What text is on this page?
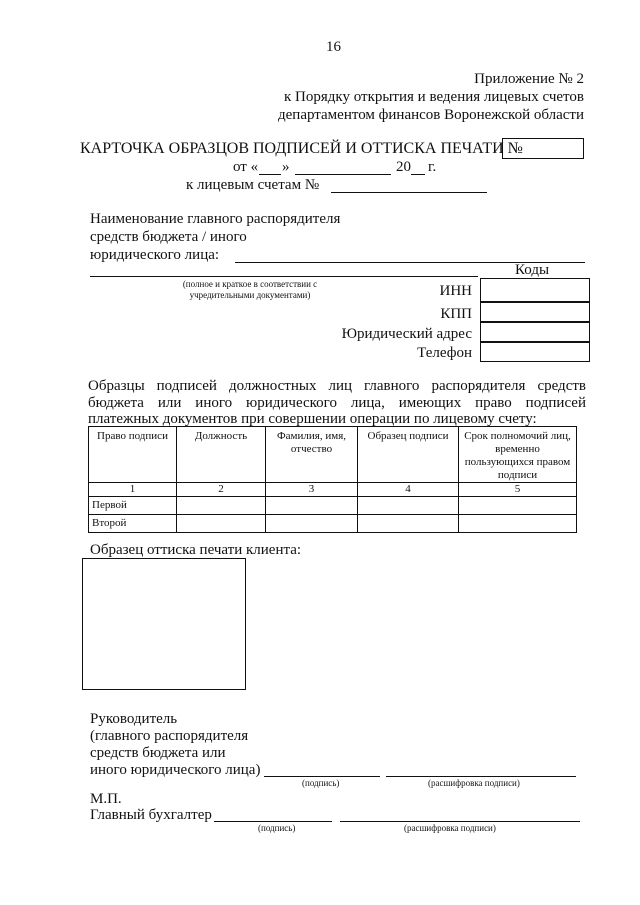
16
Приложение № 2
к Порядку открытия и ведения лицевых счетов
департаментом финансов Воронежской области
КАРТОЧКА ОБРАЗЦОВ ПОДПИСЕЙ И ОТТИСКА ПЕЧАТИ №
от « »	20 г.
к лицевым счетам №
Наименование главного распорядителя
средств бюджета / иного
юридического лица:
(полное и краткое в соответствии с учредительными документами)
Коды
ИНН
КПП
Юридический адрес
Телефон
Образцы подписей должностных лиц главного распорядителя средств
бюджета или иного юридического лица, имеющих право подписей
платежных документов при совершении операции по лицевому счету:
Право подписи	Должность	Фамилия, имя, отчество	Образец подписи	Срок полномочий лиц, временно пользующихся правом подписи
1	2	3	4	5
Первой				
Второй				
Образец оттиска печати клиента:
Руководитель
(главного распорядителя
средств бюджета или
иного юридического лица)
(подпись)	(расшифровка подписи)
М.П.
Главный бухгалтер
(подпись)	(расшифровка подписи)
